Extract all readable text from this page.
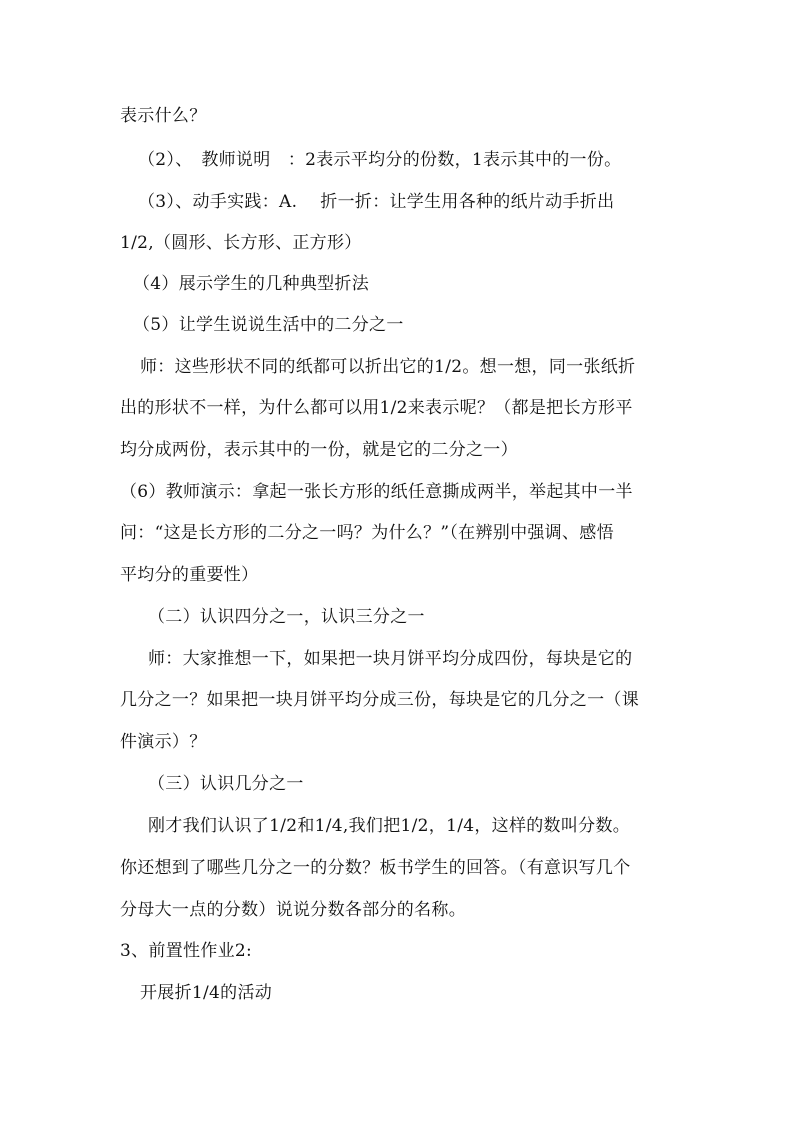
表示什么？
（2）、　教师说明　：2表示平均分的份数，1表示其中的一份。
（3）、动手实践：A.　 折一折：让学生用各种的纸片动手折出
1/2,（圆形、长方形、正方形）
（4）展示学生的几种典型折法
（5）让学生说说生活中的二分之一
师：这些形状不同的纸都可以折出它的1/2。想一想，同一张纸折
出的形状不一样，为什么都可以用1/2来表示呢？（都是把长方形平
均分成两份，表示其中的一份，就是它的二分之一）
（6）教师演示：拿起一张长方形的纸任意撕成两半，举起其中一半
问：“这是长方形的二分之一吗？为什么？”（在辨别中强调、感悟
平均分的重要性）
（二）认识四分之一，认识三分之一
师：大家推想一下，如果把一块月饼平均分成四份，每块是它的
几分之一？如果把一块月饼平均分成三份，每块是它的几分之一（课
件演示）？
（三）认识几分之一
刚才我们认识了1/2和1/4,我们把1/2，1/4，这样的数叫分数。
你还想到了哪些几分之一的分数？板书学生的回答。（有意识写几个
分母大一点的分数）说说分数各部分的名称。
3、前置性作业2:
开展折1/4的活动
